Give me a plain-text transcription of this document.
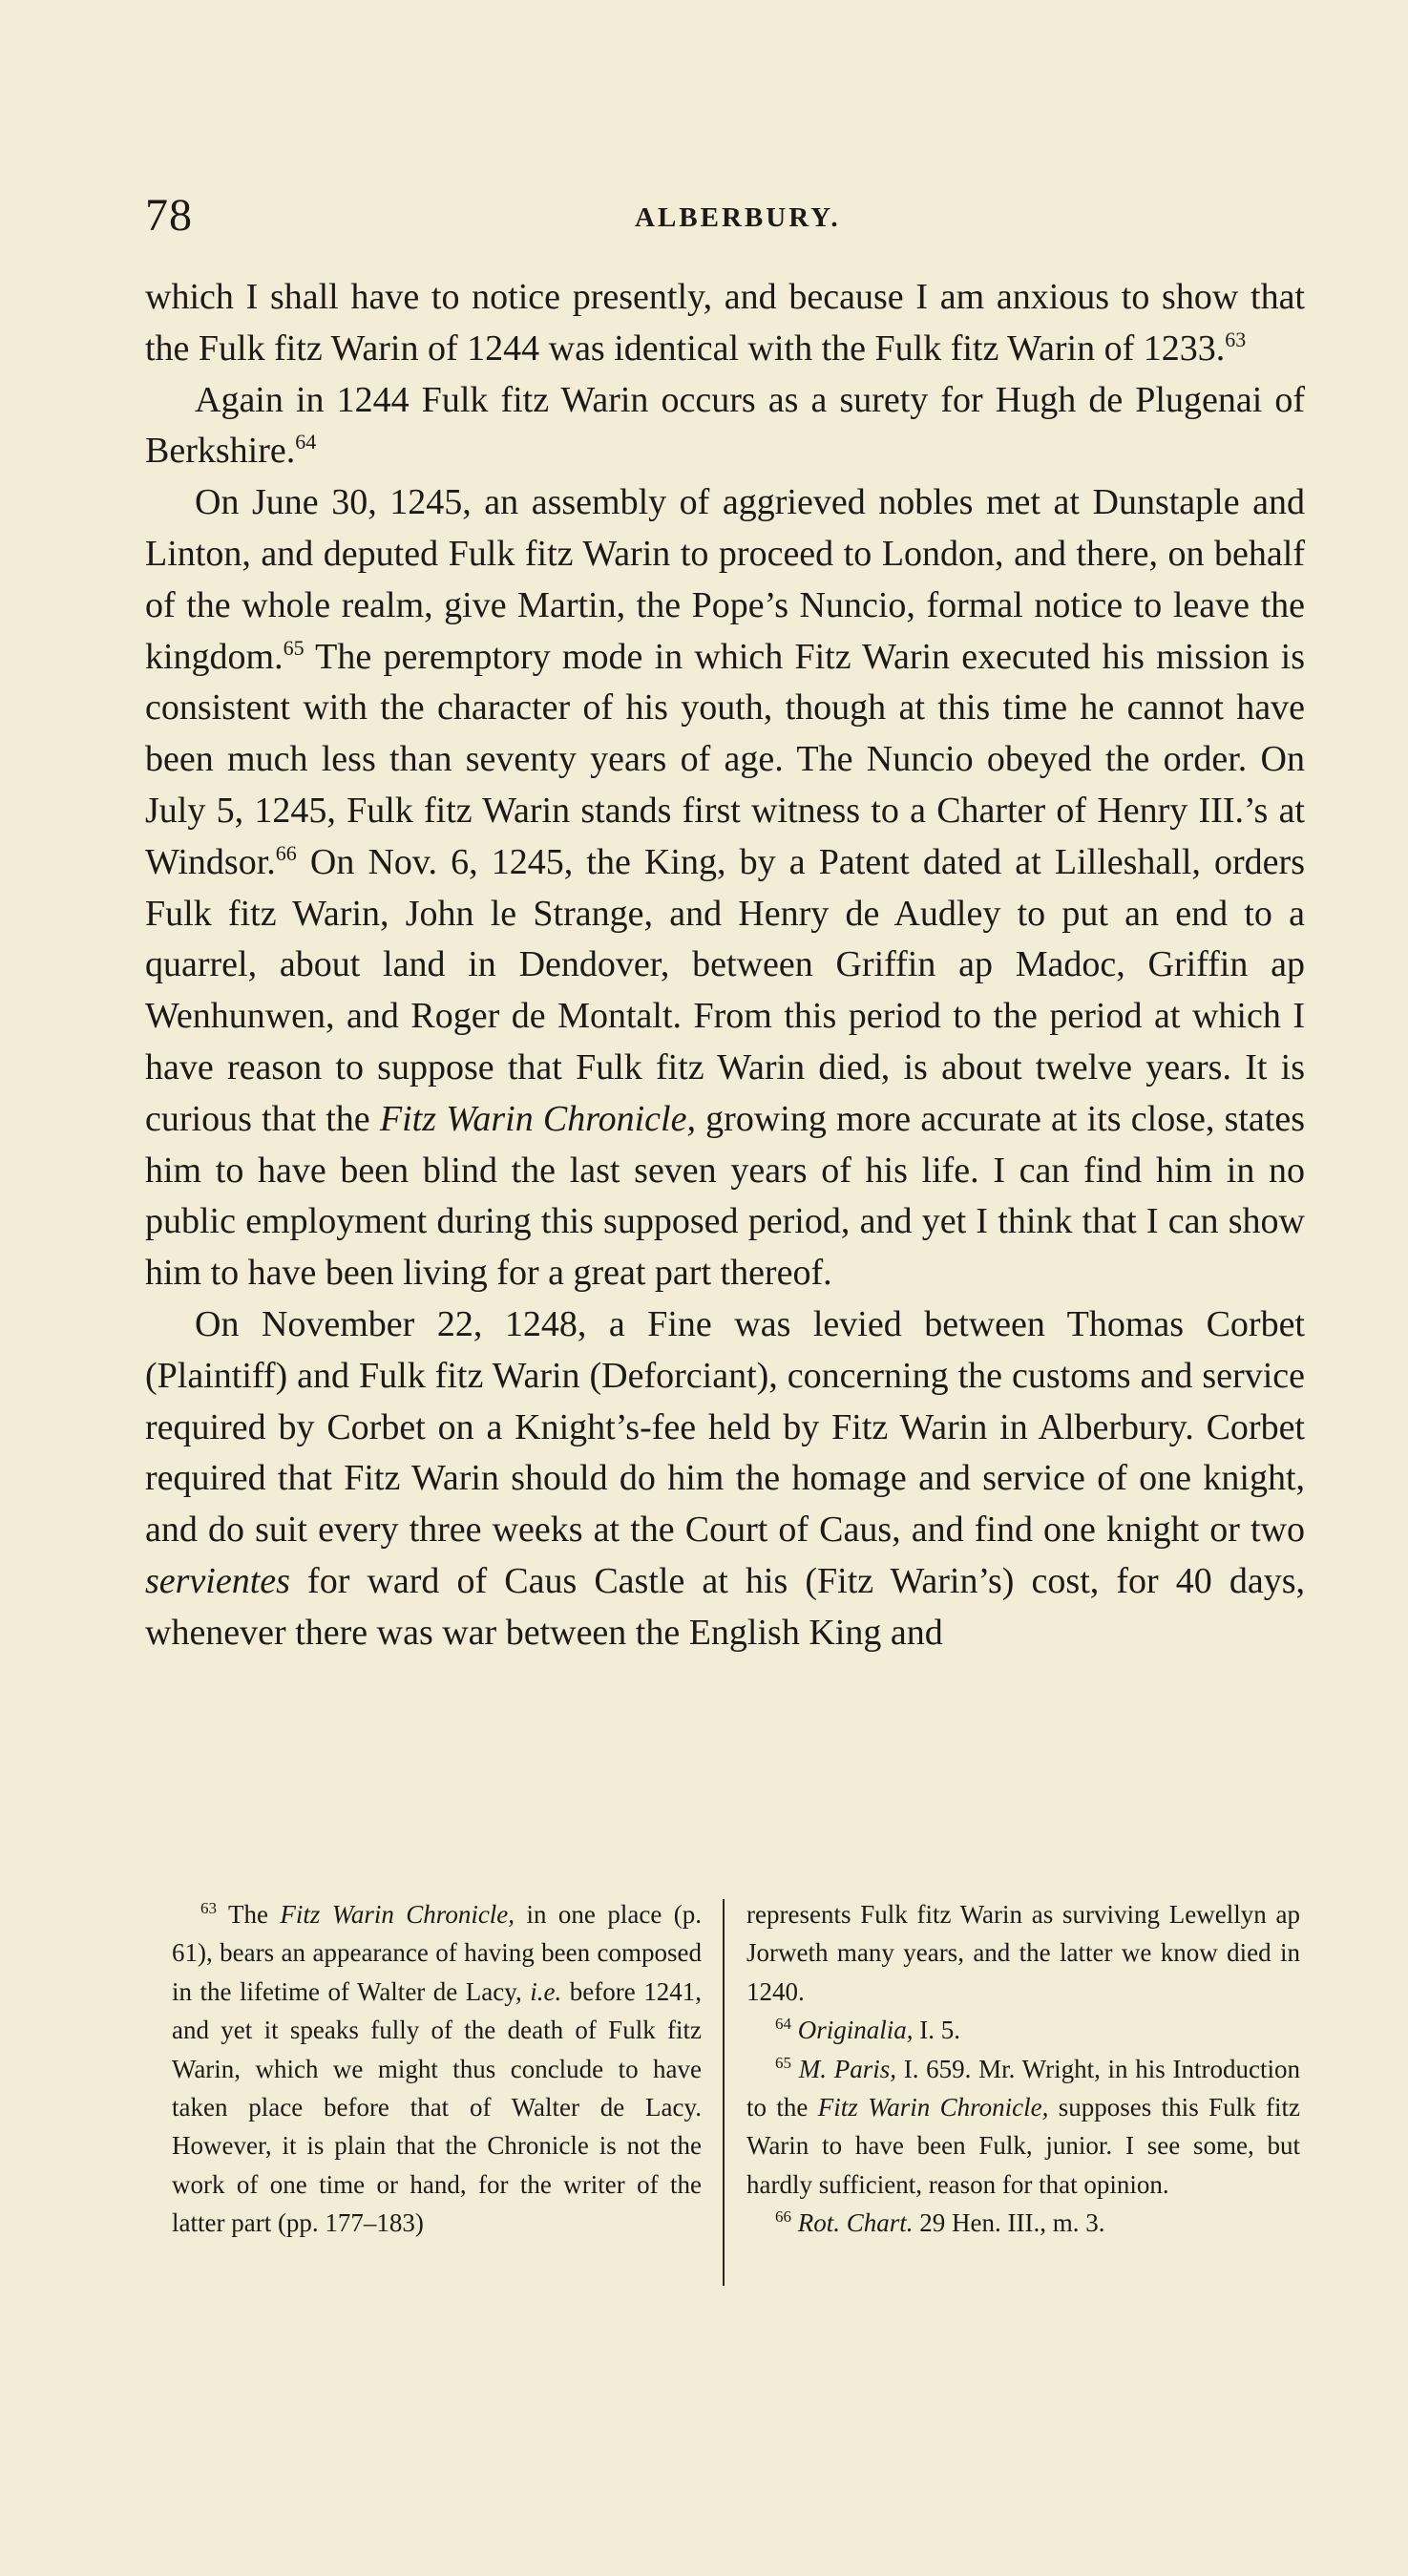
78	ALBERBURY.

which I shall have to notice presently, and because I am anxious to show that the Fulk fitz Warin of 1244 was identical with the Fulk fitz Warin of 1233.63

Again in 1244 Fulk fitz Warin occurs as a surety for Hugh de Plugenai of Berkshire.$^{64}$

On June 30, 1245, an assembly of aggrieved nobles met at Dunstaple and Linton, and deputed Fulk fitz Warin to proceed to London, and there, on behalf of the whole realm, give Martin, the Pope’s Nuncio, formal notice to leave the kingdom.$^{65}$ The peremptory mode in which Fitz Warin executed his mission is consistent with the character of his youth, though at this time he cannot have been much less than seventy years of age. The Nuncio obeyed the order. On July 5, 1245, Fulk fitz Warin stands first witness to a Charter of Henry III.’s at Windsor.$^{66}$ On Nov. 6, 1245, the King, by a Patent dated at Lilleshall, orders Fulk fitz Warin, John le Strange, and Henry de Audley to put an end to a quarrel, about land in Dendover, between Griffin ap Madoc, Griffin ap Wenhunwen, and Roger de Montalt. From this period to the period at which I have reason to suppose that Fulk fitz Warin died, is about twelve years. It is curious that the Fitz Warin Chronicle, growing more accurate at its close, states him to have been blind the last seven years of his life. I can find him in no public employment during this supposed period, and yet I think that I can show him to have been living for a great part thereof.

On November 22, 1248, a Fine was levied between Thomas Corbet (Plaintiff) and Fulk fitz Warin (Deforciant), concerning the customs and service required by Corbet on a Knight’s-fee held by Fitz Warin in Alberbury. Corbet required that Fitz Warin should do him the homage and service of one knight, and do suit every three weeks at the Court of Caus, and find one knight or two servientes for ward of Caus Castle at his (Fitz Warin’s) cost, for 40 days, whenever there was war between the English King and

$^{63}$ The Fitz Warin Chronicle, in one place (p. 61), bears an appearance of having been composed in the lifetime of Walter de Lacy, i.e. before 1241, and yet it speaks fully of the death of Fulk fitz Warin, which we might thus conclude to have taken place before that of Walter de Lacy. However, it is plain that the Chronicle is not the work of one time or hand, for the writer of the latter part (pp. 177–183)

represents Fulk fitz Warin as surviving Lewellyn ap Jorweth many years, and the latter we know died in 1240.

$^{64}$ Originalia, I. 5.

$^{65}$ M. Paris, I. 659. Mr. Wright, in his Introduction to the Fitz Warin Chronicle, supposes this Fulk fitz Warin to have been Fulk, junior. I see some, but hardly sufficient, reason for that opinion.

$^{66}$ Rot. Chart. 29 Hen. III., m. 3.
